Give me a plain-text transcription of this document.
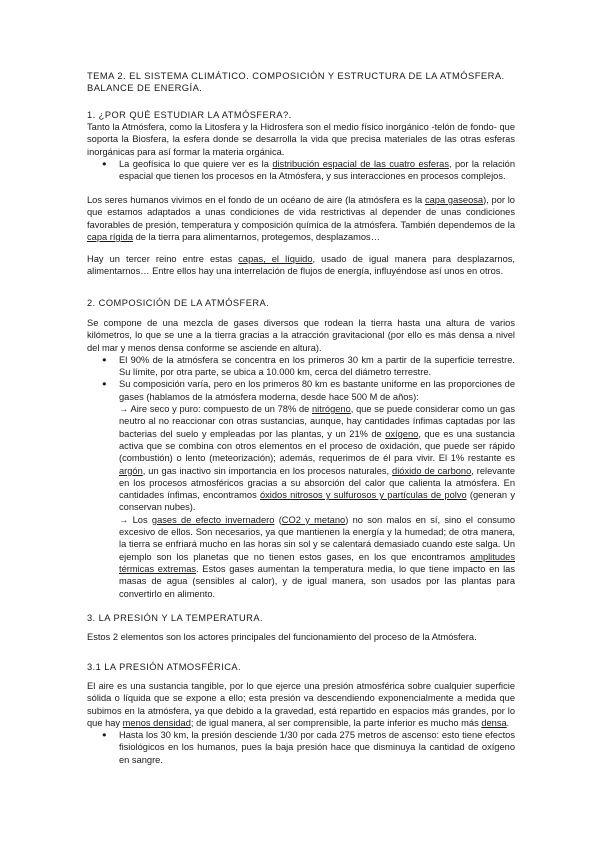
TEMA 2. EL SISTEMA CLIMÁTICO. COMPOSICIÓN Y ESTRUCTURA DE LA ATMÓSFERA. BALANCE DE ENERGÍA.

1. ¿POR QUÉ ESTUDIAR LA ATMÓSFERA?.

Tanto la Atmósfera, como la Litosfera y la Hidrosfera son el medio físico inorgánico -telón de fondo- que soporta la Biosfera, la esfera donde se desarrolla la vida que precisa materiales de las otras esferas inorgánicas para así formar la materia orgánica.

● La geofísica lo que quiere ver es la distribución espacial de las cuatro esferas, por la relación espacial que tienen los procesos en la Atmósfera, y sus interacciones en procesos complejos.

Los seres humanos vivimos en el fondo de un océano de aire (la atmósfera es la capa gaseosa), por lo que estamos adaptados a unas condiciones de vida restrictivas al depender de unas condiciones favorables de presión, temperatura y composición química de la atmósfera. También dependemos de la capa rígida de la tierra para alimentarnos, protegemos, desplazamos…

Hay un tercer reino entre estas capas, el líquido, usado de igual manera para desplazarnos, alimentarnos… Entre ellos hay una interrelación de flujos de energía, influyéndose así unos en otros.

2. COMPOSICIÓN DE LA ATMÓSFERA.

Se compone de una mezcla de gases diversos que rodean la tierra hasta una altura de varios kilómetros, lo que se une a la tierra gracias a la atracción gravitacional (por ello es más densa a nivel del mar y menos densa conforme se asciende en altura).

● El 90% de la atmósfera se concentra en los primeros 30 km a partir de la superficie terrestre. Su límite, por otra parte, se ubica a 10.000 km, cerca del diámetro terrestre.
● Su composición varía, pero en los primeros 80 km es bastante uniforme en las proporciones de gases (hablamos de la atmósfera moderna, desde hace 500 M de años):

→ Aire seco y puro: compuesto de un 78% de nitrógeno, que se puede considerar como un gas neutro al no reaccionar con otras sustancias, aunque, hay cantidades ínfimas captadas por las bacterias del suelo y empleadas por las plantas, y un 21% de oxígeno, que es una sustancia activa que se combina con otros elementos en el proceso de oxidación, que puede ser rápido (combustión) o lento (meteorización); además, requerimos de él para vivir. El 1% restante es argón, un gas inactivo sin importancia en los procesos naturales, dióxido de carbono, relevante en los procesos atmosféricos gracias a su absorción del calor que calienta la atmósfera. En cantidades ínfimas, encontramos óxidos nitrosos y sulfurosos y partículas de polvo (generan y conservan nubes).

→ Los gases de efecto invernadero (CO2 y metano) no son malos en sí, sino el consumo excesivo de ellos. Son necesarios, ya que mantienen la energía y la humedad; de otra manera, la tierra se enfriará mucho en las horas sin sol y se calentará demasiado cuando este salga. Un ejemplo son los planetas que no tienen estos gases, en los que encontramos amplitudes térmicas extremas. Estos gases aumentan la temperatura media, lo que tiene impacto en las masas de agua (sensibles al calor), y de igual manera, son usados por las plantas para convertirlo en alimento.

3. LA PRESIÓN Y LA TEMPERATURA.

Estos 2 elementos son los actores principales del funcionamiento del proceso de la Atmósfera.

3.1 LA PRESIÓN ATMOSFÉRICA.

El aire es una sustancia tangible, por lo que ejerce una presión atmosférica sobre cualquier superficie sólida o líquida que se expone a ello; esta presión va descendiendo exponencialmente a medida que subimos en la atmósfera, ya que debido a la gravedad, está repartido en espacios más grandes, por lo que hay menos densidad; de igual manera, al ser comprensible, la parte inferior es mucho más densa.

● Hasta los 30 km, la presión desciende 1/30 por cada 275 metros de ascenso: esto tiene efectos fisiológicos en los humanos, pues la baja presión hace que disminuya la cantidad de oxígeno en sangre.
